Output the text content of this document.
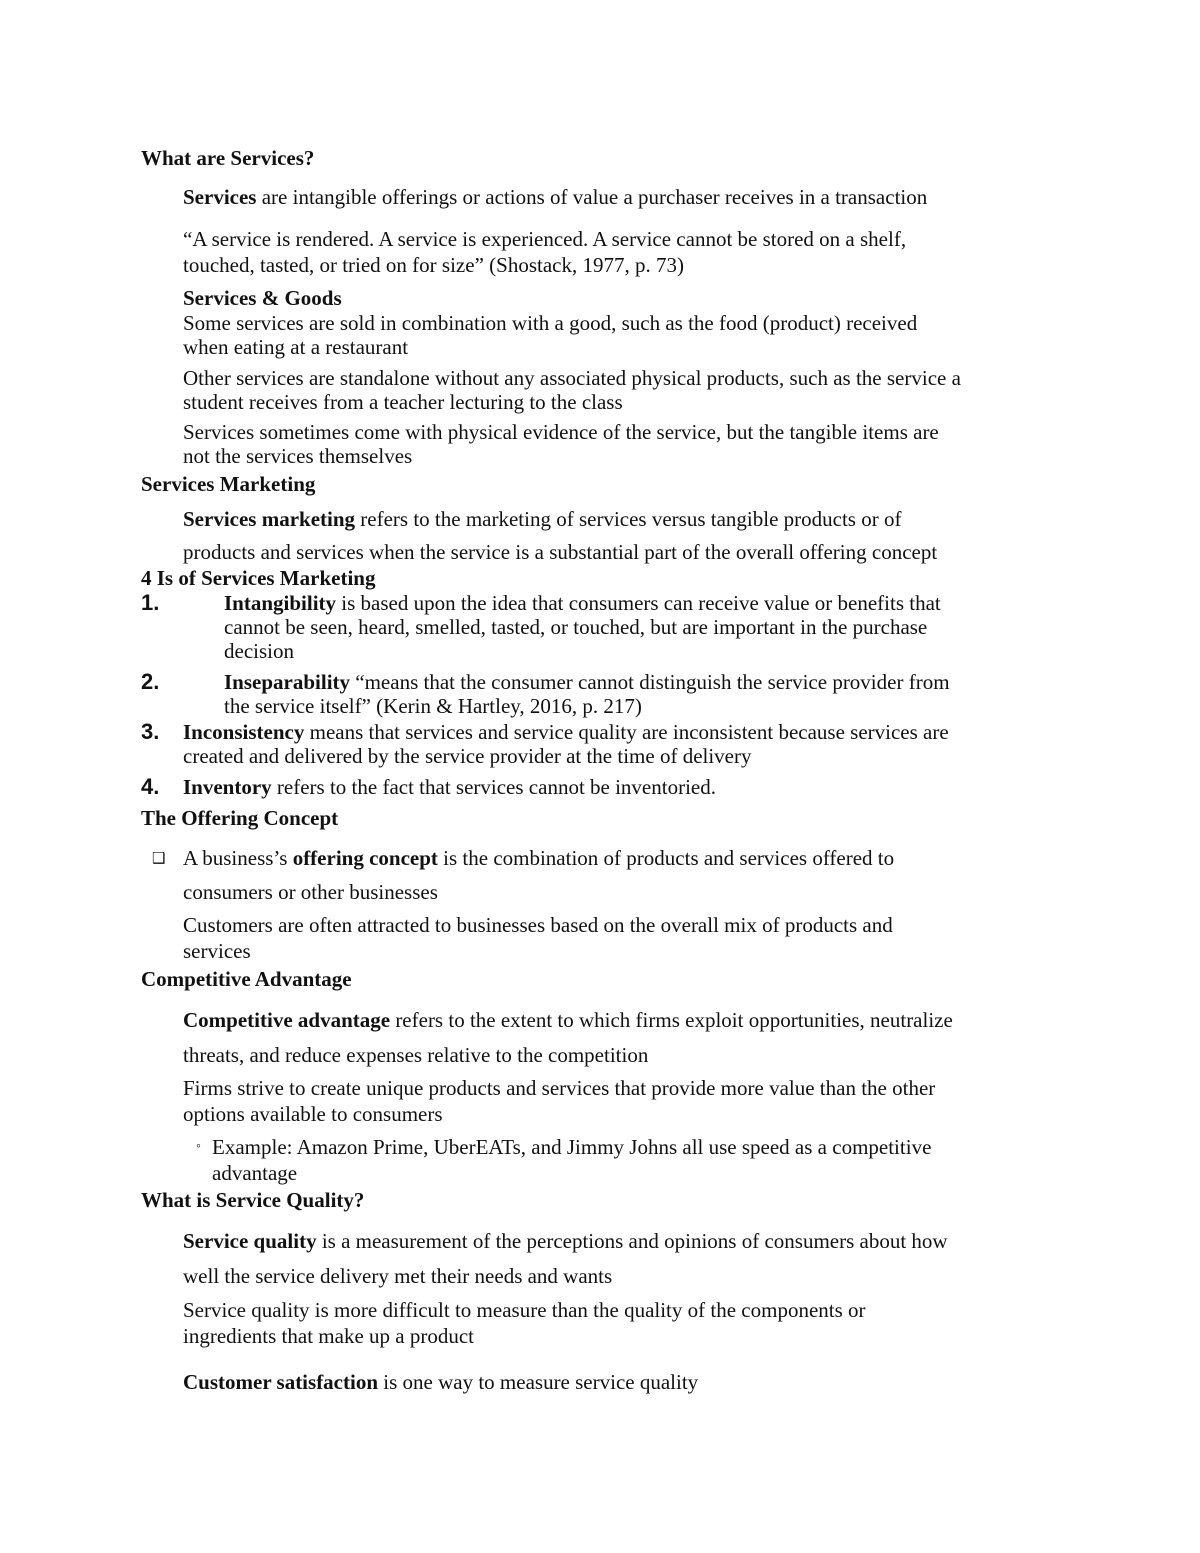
What are Services?
Services are intangible offerings or actions of value a purchaser receives in a transaction
“A service is rendered. A service is experienced. A service cannot be stored on a shelf,
touched, tasted, or tried on for size” (Shostack, 1977, p. 73)
Services & Goods
Some services are sold in combination with a good, such as the food (product) received
when eating at a restaurant
Other services are standalone without any associated physical products, such as the service a
student receives from a teacher lecturing to the class
Services sometimes come with physical evidence of the service, but the tangible items are
not the services themselves
Services Marketing
Services marketing refers to the marketing of services versus tangible products or of
products and services when the service is a substantial part of the overall offering concept
4 Is of Services Marketing
1.	Intangibility is based upon the idea that consumers can receive value or benefits that
cannot be seen, heard, smelled, tasted, or touched, but are important in the purchase
decision
2.	Inseparability “means that the consumer cannot distinguish the service provider from
the service itself” (Kerin & Hartley, 2016, p. 217)
3. Inconsistency means that services and service quality are inconsistent because services are
created and delivered by the service provider at the time of delivery
4. Inventory refers to the fact that services cannot be inventoried.
The Offering Concept
❑ A business’s offering concept is the combination of products and services offered to
consumers or other businesses
Customers are often attracted to businesses based on the overall mix of products and
services
Competitive Advantage
Competitive advantage refers to the extent to which firms exploit opportunities, neutralize
threats, and reduce expenses relative to the competition
Firms strive to create unique products and services that provide more value than the other
options available to consumers
◦ Example: Amazon Prime, UberEATs, and Jimmy Johns all use speed as a competitive
advantage
What is Service Quality?
Service quality is a measurement of the perceptions and opinions of consumers about how
well the service delivery met their needs and wants
Service quality is more difficult to measure than the quality of the components or
ingredients that make up a product
Customer satisfaction is one way to measure service quality
